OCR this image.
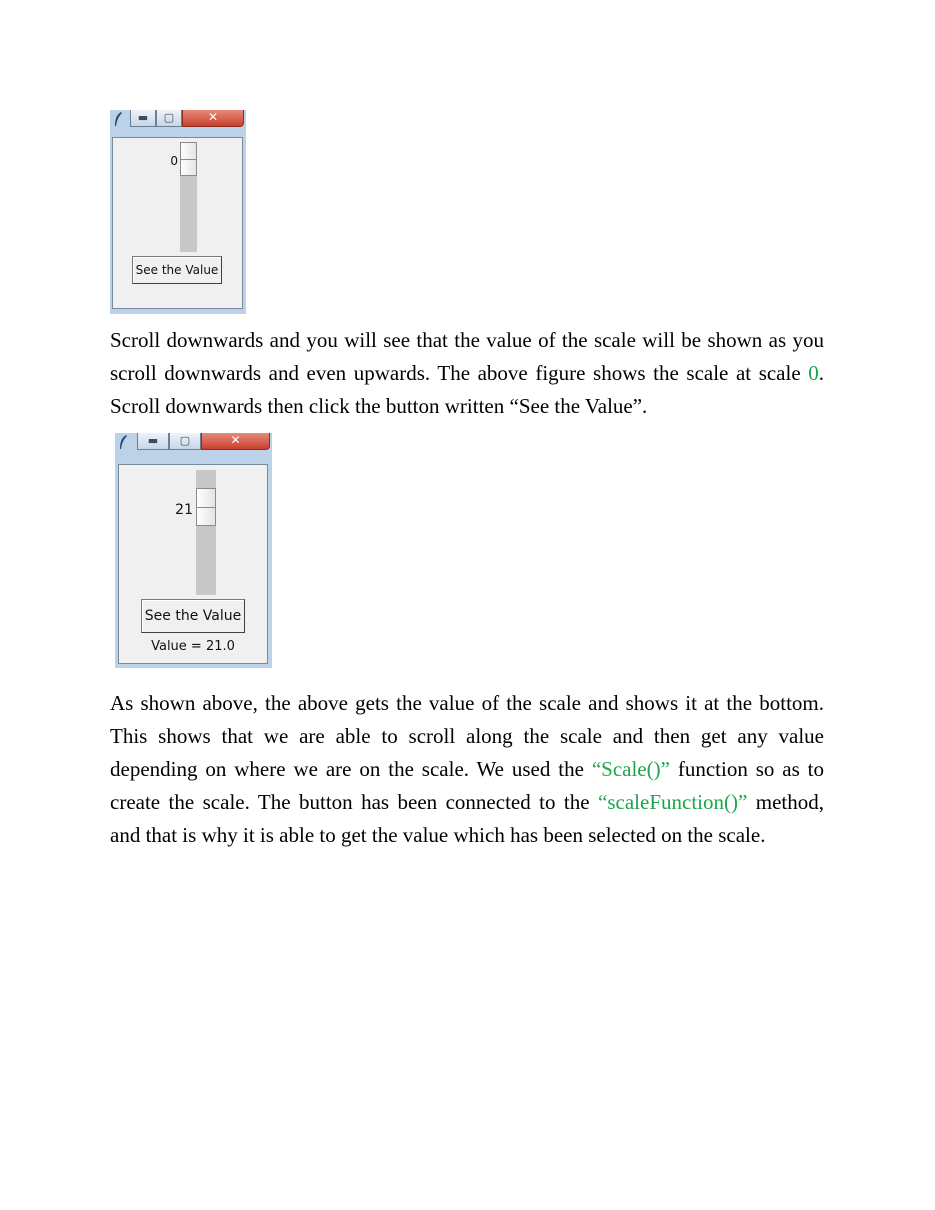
▬	▢	✕
0
See the Value

Scroll downwards and you will see that the value of the scale will be shown as you scroll downwards and even upwards. The above figure shows the scale at scale 0. Scroll downwards then click the button written “See the Value”.

▬	▢	✕
21
See the Value
Value = 21.0

As shown above, the above gets the value of the scale and shows it at the bottom. This shows that we are able to scroll along the scale and then get any value depending on where we are on the scale. We used the “Scale()” function so as to create the scale. The button has been connected to the “scaleFunction()” method, and that is why it is able to get the value which has been selected on the scale.
